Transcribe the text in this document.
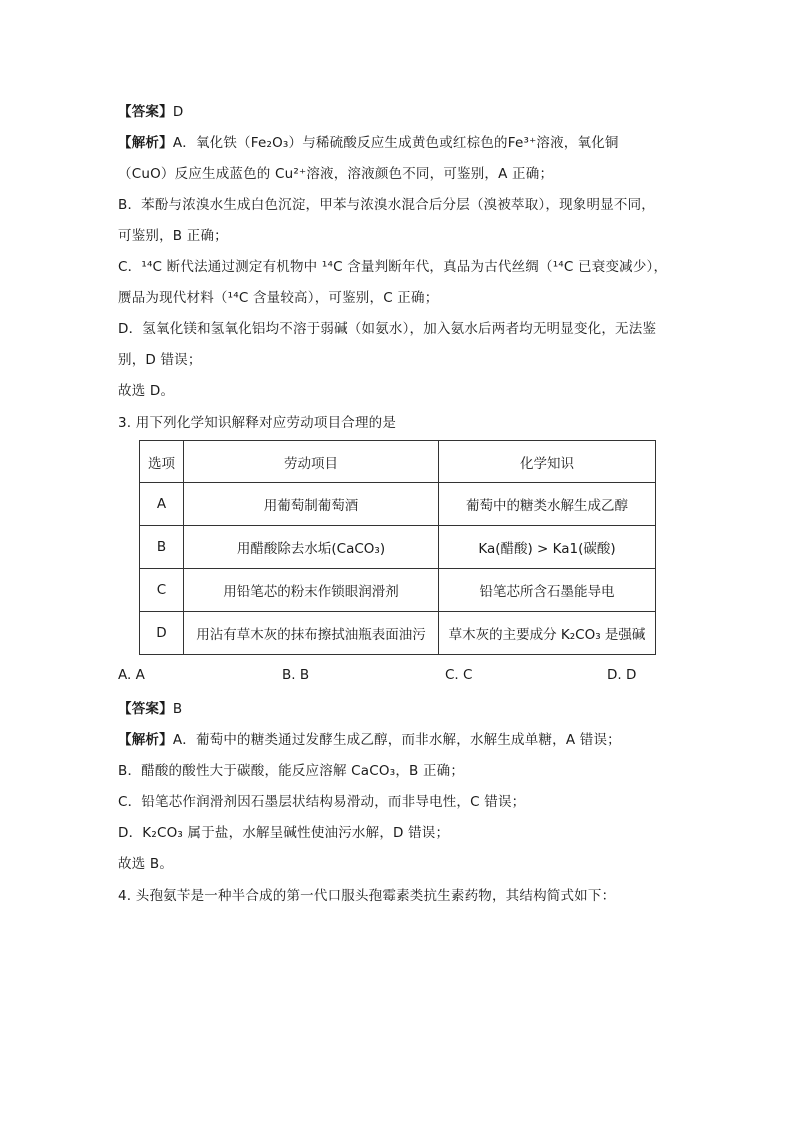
【答案】D
【解析】A．氧化铁（Fe₂O₃）与稀硫酸反应生成黄色或红棕色的Fe³⁺溶液，氧化铜
（CuO）反应生成蓝色的 Cu²⁺溶液，溶液颜色不同，可鉴别，A 正确；
B．苯酚与浓溴水生成白色沉淀，甲苯与浓溴水混合后分层（溴被萃取），现象明显不同，
可鉴别，B 正确；
C．¹⁴C 断代法通过测定有机物中 ¹⁴C 含量判断年代，真品为古代丝绸（¹⁴C 已衰变减少），
赝品为现代材料（¹⁴C 含量较高），可鉴别，C 正确；
D．氢氧化镁和氢氧化铝均不溶于弱碱（如氨水），加入氨水后两者均无明显变化，无法鉴
别，D 错误；
故选 D。
3. 用下列化学知识解释对应劳动项目合理的是
选项	劳动项目	化学知识
A	用葡萄制葡萄酒	葡萄中的糖类水解生成乙醇
B	用醋酸除去水垢(CaCO₃)	Ka(醋酸) > Ka1(碳酸)
C	用铅笔芯的粉末作锁眼润滑剂	铅笔芯所含石墨能导电
D	用沾有草木灰的抹布擦拭油瓶表面油污	草木灰的主要成分 K₂CO₃ 是强碱
A. A	B. B	C. C	D. D
【答案】B
【解析】A．葡萄中的糖类通过发酵生成乙醇，而非水解，水解生成单糖，A 错误；
B．醋酸的酸性大于碳酸，能反应溶解 CaCO₃，B 正确；
C．铅笔芯作润滑剂因石墨层状结构易滑动，而非导电性，C 错误；
D．K₂CO₃ 属于盐，水解呈碱性使油污水解，D 错误；
故选 B。
4. 头孢氨苄是一种半合成的第一代口服头孢霉素类抗生素药物，其结构简式如下：
